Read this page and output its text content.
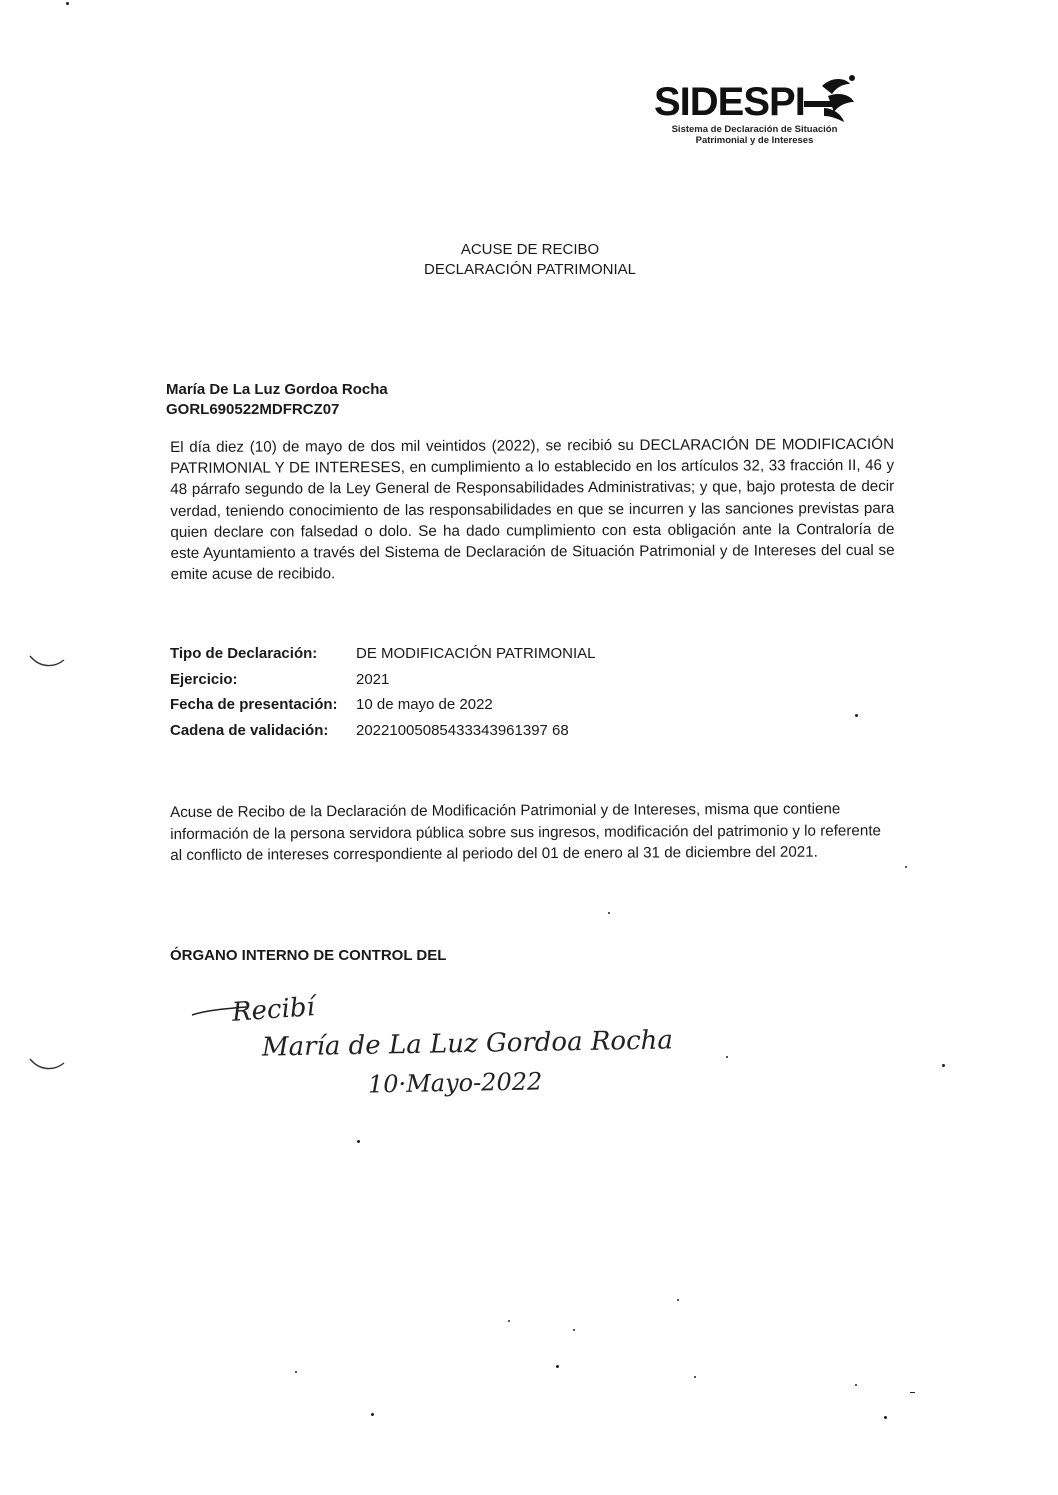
SIDESPI
Sistema de Declaración de Situación
Patrimonial y de Intereses
ACUSE DE RECIBO
DECLARACIÓN PATRIMONIAL
María De La Luz Gordoa Rocha
GORL690522MDFRCZ07
El día diez (10) de mayo de dos mil veintidos (2022), se recibió su DECLARACIÓN DE MODIFICACIÓN PATRIMONIAL Y DE INTERESES, en cumplimiento a lo establecido en los artículos 32, 33 fracción II, 46 y 48 párrafo segundo de la Ley General de Responsabilidades Administrativas; y que, bajo protesta de decir verdad, teniendo conocimiento de las responsabilidades en que se incurren y las sanciones previstas para quien declare con falsedad o dolo. Se ha dado cumplimiento con esta obligación ante la Contraloría de este Ayuntamiento a través del Sistema de Declaración de Situación Patrimonial y de Intereses del cual se emite acuse de recibido.
Tipo de Declaración:	DE MODIFICACIÓN PATRIMONIAL
Ejercicio:	2021
Fecha de presentación: 10 de mayo de 2022
Cadena de validación: 20221005085433343961397 68
Acuse de Recibo de la Declaración de Modificación Patrimonial y de Intereses, misma que contiene información de la persona servidora pública sobre sus ingresos, modificación del patrimonio y lo referente al conflicto de intereses correspondiente al periodo del 01 de enero al 31 de diciembre del 2021.
ÓRGANO INTERNO DE CONTROL DEL
Recibí
María de La Luz Gordoa Rocha
10·Mayo-2022
